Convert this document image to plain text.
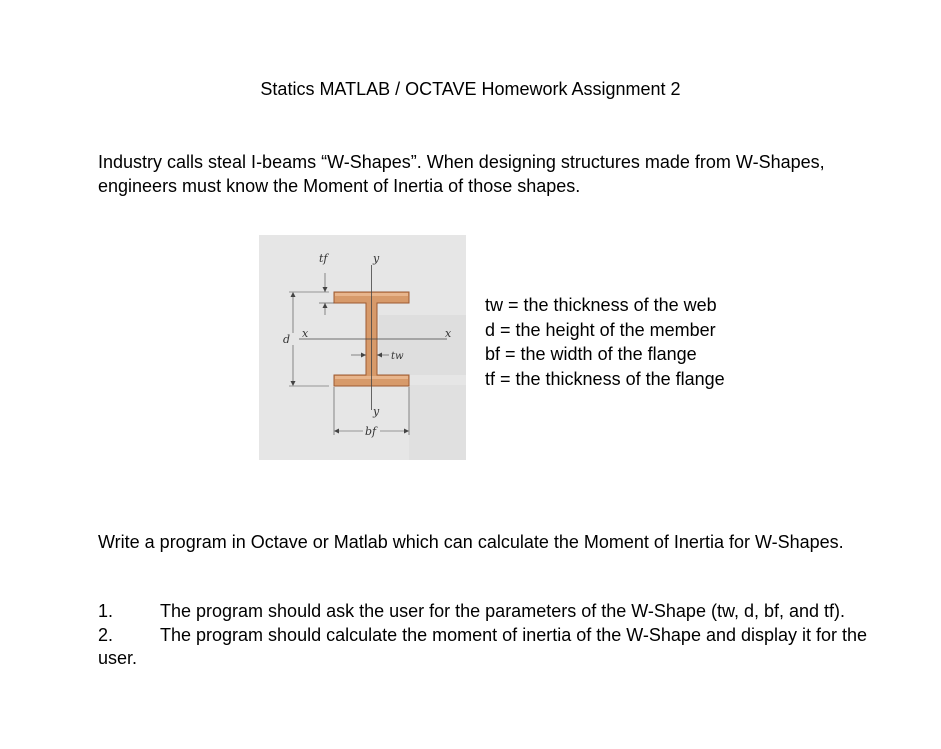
Statics MATLAB / OCTAVE Homework Assignment 2

Industry calls steal I-beams “W-Shapes”. When designing structures made from W-Shapes, engineers must know the Moment of Inertia of those shapes.

tf	y
d x	x
tw
y
bf
tw = the thickness of the web
d = the height of the member
bf = the width of the flange
tf = the thickness of the flange

Write a program in Octave or Matlab which can calculate the Moment of Inertia for W-Shapes.

1.	The program should ask the user for the parameters of the W-Shape (tw, d, bf, and tf).
2.	The program should calculate the moment of inertia of the W-Shape and display it for the user.
